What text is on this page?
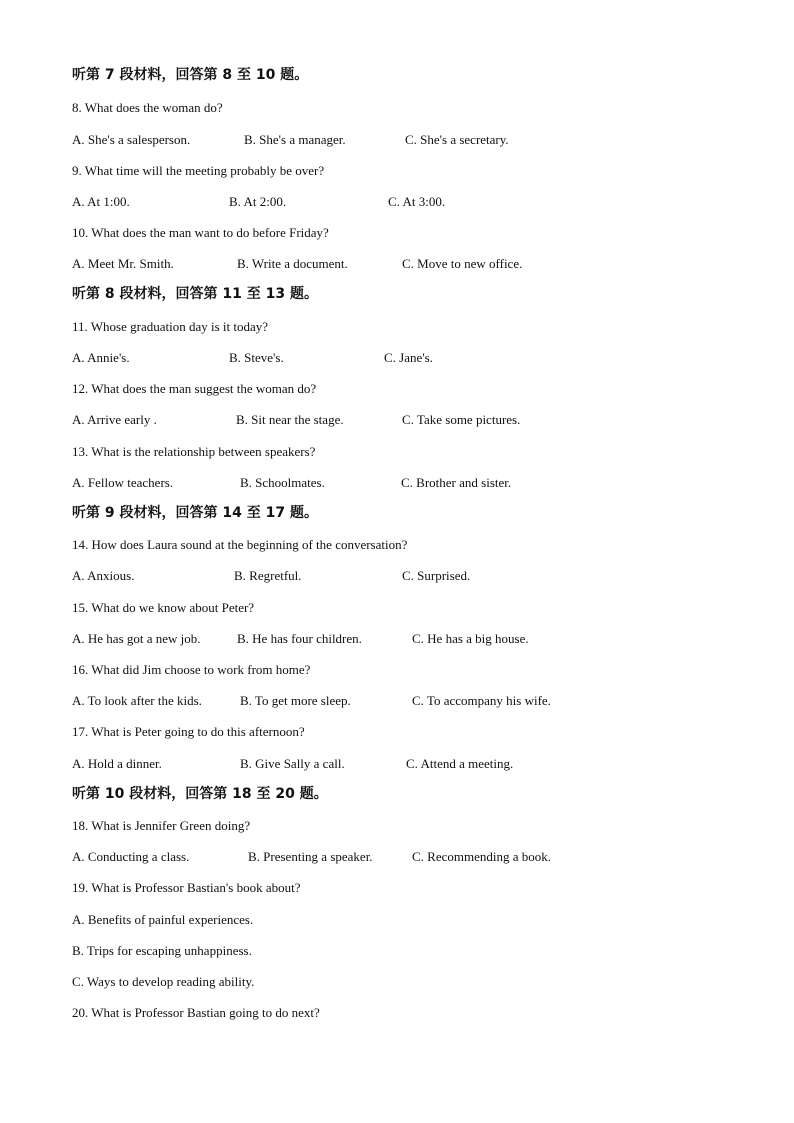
听第 7 段材料，回答第 8 至 10 题。
8. What does the woman do?
A. She's a salesperson.	B. She's a manager.	C. She's a secretary.
9. What time will the meeting probably be over?
A. At 1:00.	B. At 2:00.	C. At 3:00.
10. What does the man want to do before Friday?
A. Meet Mr. Smith.	B. Write a document.	C. Move to new office.
听第 8 段材料，回答第 11 至 13 题。
11. Whose graduation day is it today?
A. Annie's.	B. Steve's.	C. Jane's.
12. What does the man suggest the woman do?
A. Arrive early .	B. Sit near the stage.	C. Take some pictures.
13. What is the relationship between speakers?
A. Fellow teachers.	B. Schoolmates.	C. Brother and sister.
听第 9 段材料，回答第 14 至 17 题。
14. How does Laura sound at the beginning of the conversation?
A. Anxious.	B. Regretful.	C. Surprised.
15. What do we know about Peter?
A. He has got a new job.	B. He has four children.	C. He has a big house.
16. What did Jim choose to work from home?
A. To look after the kids.	B. To get more sleep.	C. To accompany his wife.
17. What is Peter going to do this afternoon?
A. Hold a dinner.	B. Give Sally a call.	C. Attend a meeting.
听第 10 段材料，回答第 18 至 20 题。
18. What is Jennifer Green doing?
A. Conducting a class.	B. Presenting a speaker.	C. Recommending a book.
19. What is Professor Bastian's book about?
A. Benefits of painful experiences.
B. Trips for escaping unhappiness.
C. Ways to develop reading ability.
20. What is Professor Bastian going to do next?
